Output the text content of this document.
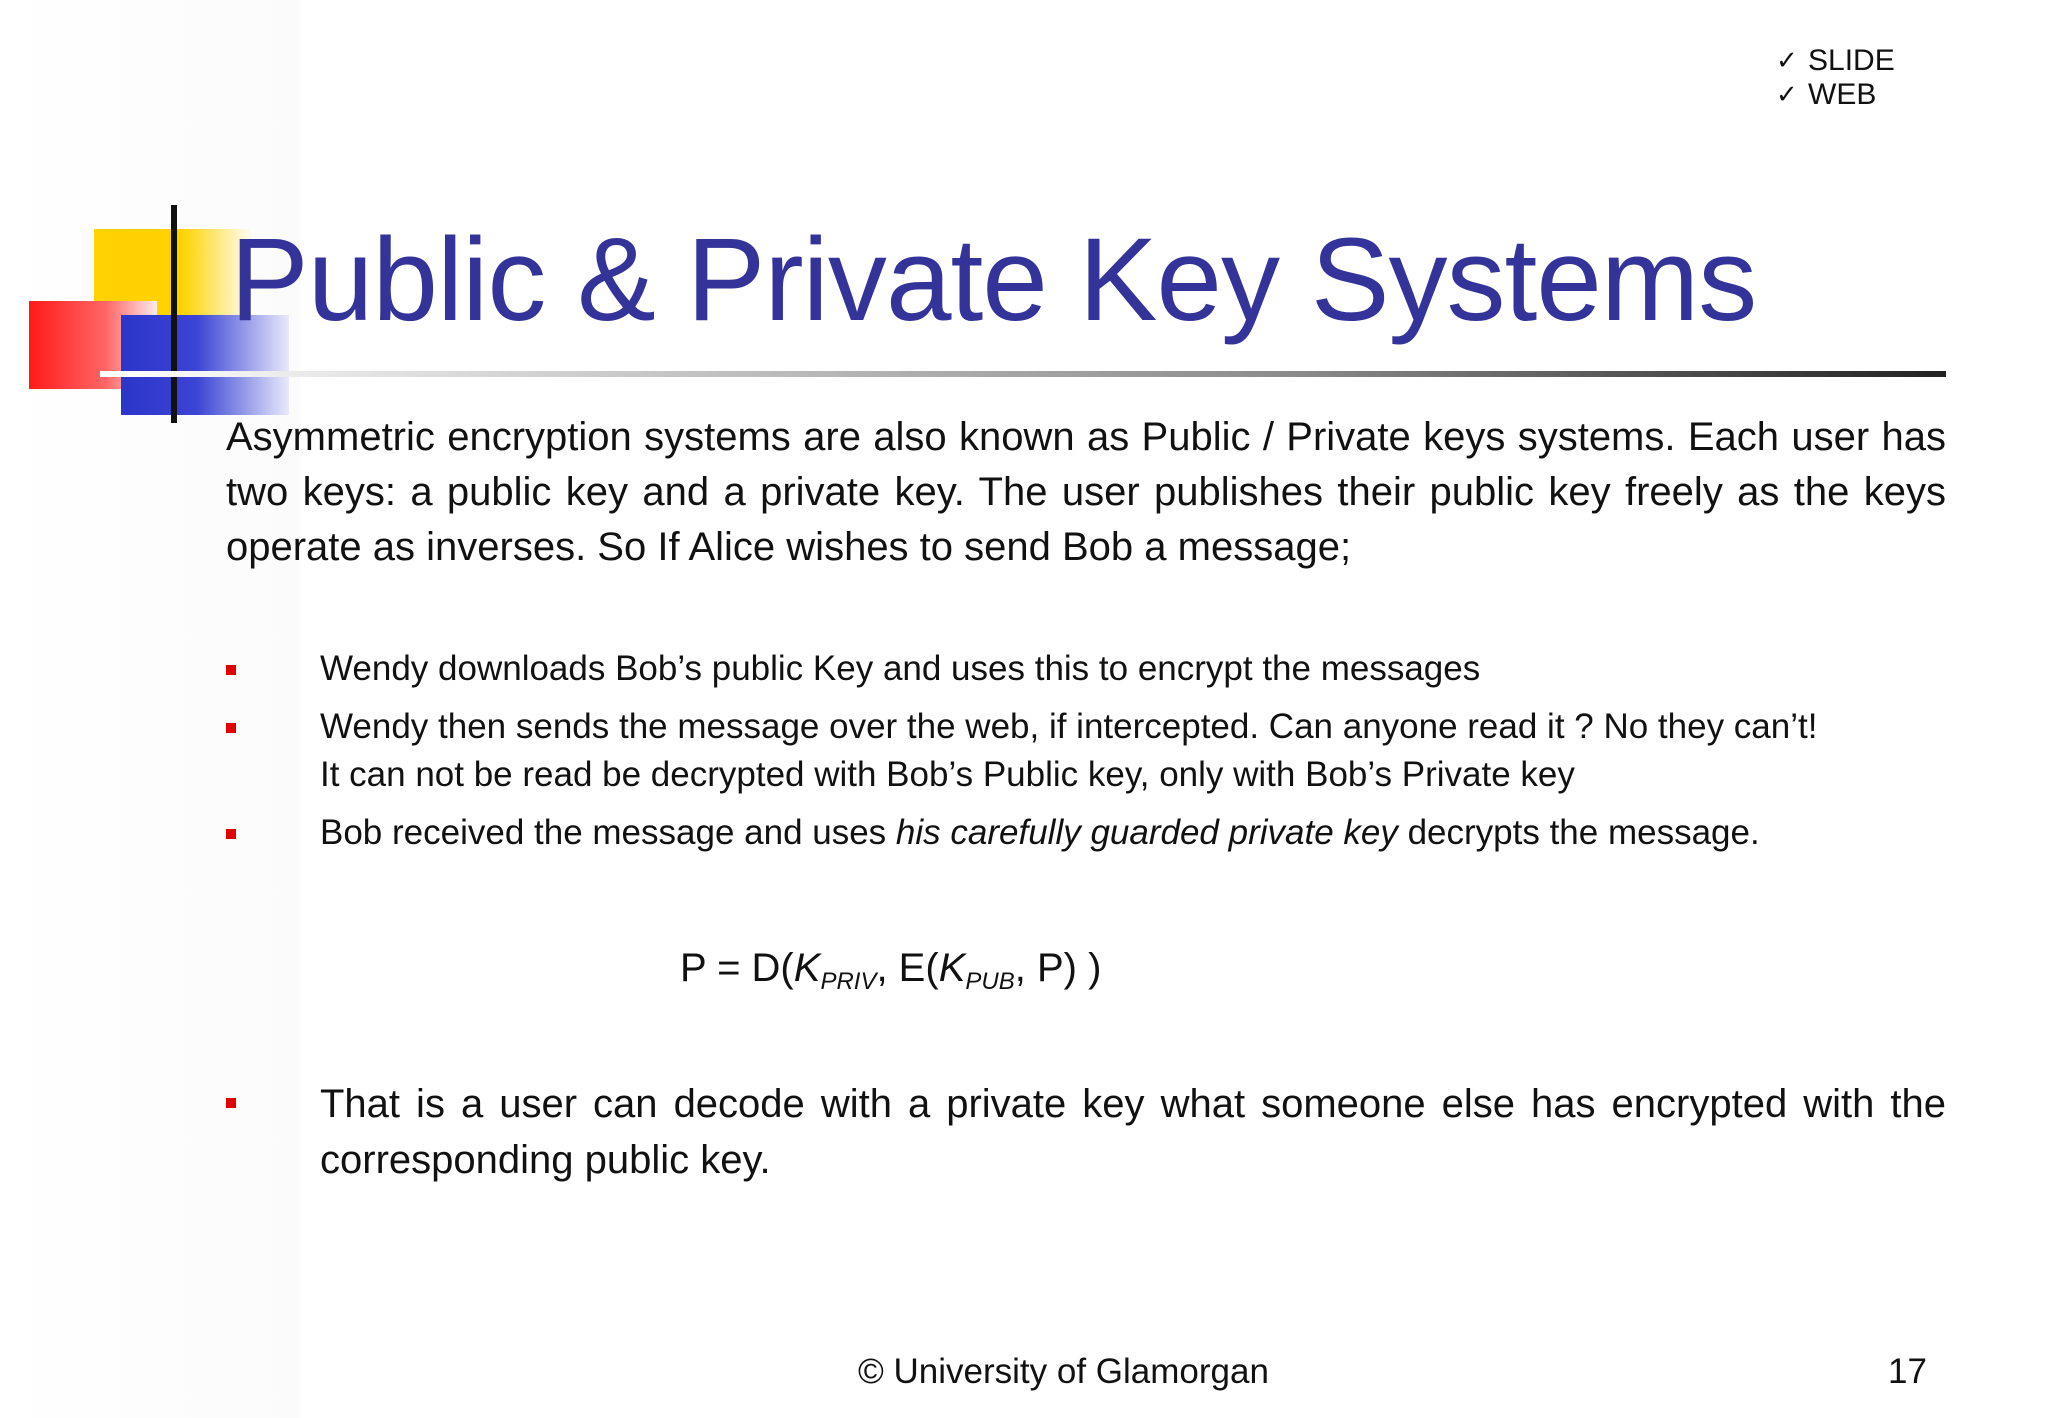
✓ SLIDE
✓ WEB
Public & Private Key Systems
Asymmetric encryption systems are also known as Public / Private keys systems. Each user has two keys: a public key and a private key. The user publishes their public key freely as the keys operate as inverses. So If Alice wishes to send Bob a message;
Wendy downloads Bob’s public Key and uses this to encrypt the messages
Wendy then sends the message over the web, if intercepted. Can anyone read it ? No they can’t!
It can not be read be decrypted with Bob’s Public key, only with Bob’s Private key
Bob received the message and uses his carefully guarded private key decrypts the message.
$P = D(K_{PRIV}$, $E(K_{PUB}$, P) )
That is a user can decode with a private key what someone else has encrypted with the corresponding public key.
© University of Glamorgan	17
